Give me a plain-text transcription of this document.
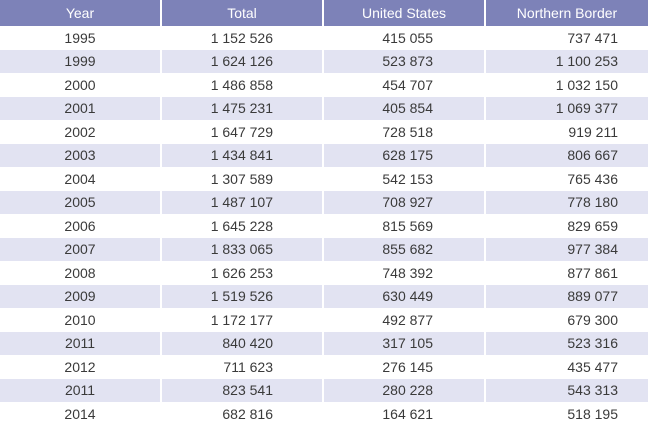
Year	Total	United States	Northern Border
1995	1 152 526	415 055	737 471
1999	1 624 126	523 873	1 100 253
2000	1 486 858	454 707	1 032 150
2001	1 475 231	405 854	1 069 377
2002	1 647 729	728 518	919 211
2003	1 434 841	628 175	806 667
2004	1 307 589	542 153	765 436
2005	1 487 107	708 927	778 180
2006	1 645 228	815 569	829 659
2007	1 833 065	855 682	977 384
2008	1 626 253	748 392	877 861
2009	1 519 526	630 449	889 077
2010	1 172 177	492 877	679 300
2011	840 420	317 105	523 316
2012	711 623	276 145	435 477
2011	823 541	280 228	543 313
2014	682 816	164 621	518 195
